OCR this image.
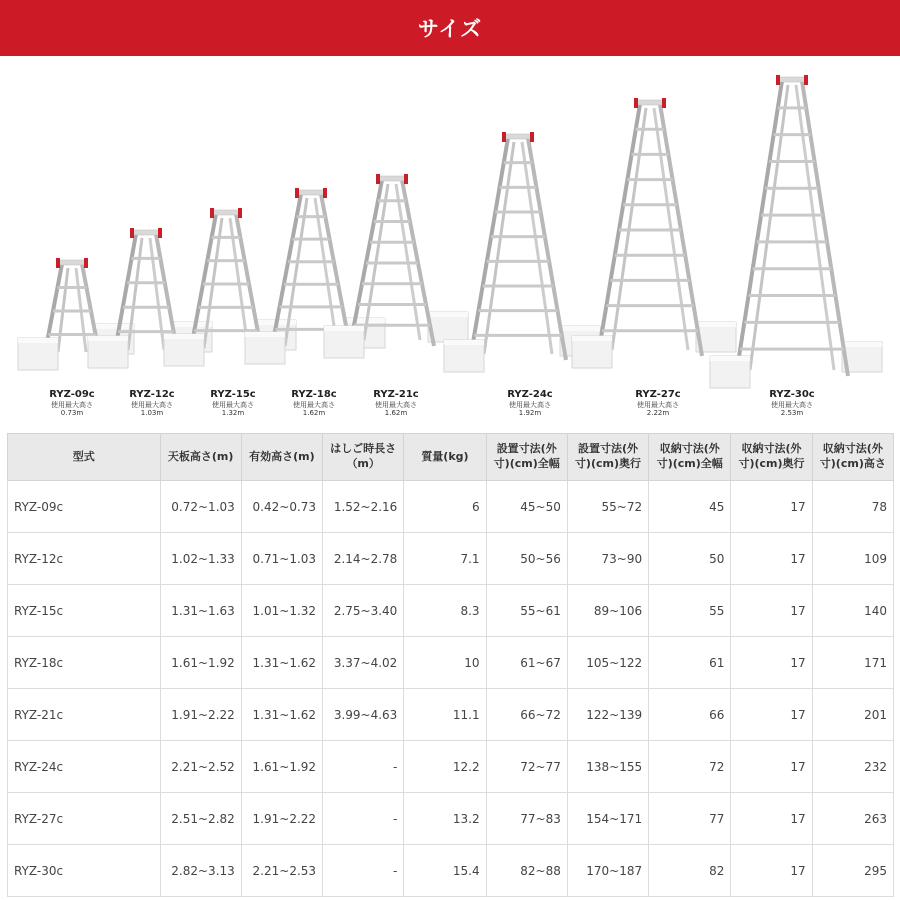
サイズ
RYZ-09c
使用最大高さ
0.73m
RYZ-12c
使用最大高さ
1.03m
RYZ-15c
使用最大高さ
1.32m
RYZ-18c
使用最大高さ
1.62m
RYZ-21c
使用最大高さ
1.62m
RYZ-24c
使用最大高さ
1.92m
RYZ-27c
使用最大高さ
2.22m
RYZ-30c
使用最大高さ
2.53m
型式	天板高さ(m)	有効高さ(m)	はしご時長さ（m）	質量(kg)	設置寸法(外寸)(cm)全幅	設置寸法(外寸)(cm)奥行	収納寸法(外寸)(cm)全幅	収納寸法(外寸)(cm)奥行	収納寸法(外寸)(cm)高さ
RYZ-09c	0.72~1.03	0.42~0.73	1.52~2.16	6	45~50	55~72	45	17	78
RYZ-12c	1.02~1.33	0.71~1.03	2.14~2.78	7.1	50~56	73~90	50	17	109
RYZ-15c	1.31~1.63	1.01~1.32	2.75~3.40	8.3	55~61	89~106	55	17	140
RYZ-18c	1.61~1.92	1.31~1.62	3.37~4.02	10	61~67	105~122	61	17	171
RYZ-21c	1.91~2.22	1.31~1.62	3.99~4.63	11.1	66~72	122~139	66	17	201
RYZ-24c	2.21~2.52	1.61~1.92	-	12.2	72~77	138~155	72	17	232
RYZ-27c	2.51~2.82	1.91~2.22	-	13.2	77~83	154~171	77	17	263
RYZ-30c	2.82~3.13	2.21~2.53	-	15.4	82~88	170~187	82	17	295
